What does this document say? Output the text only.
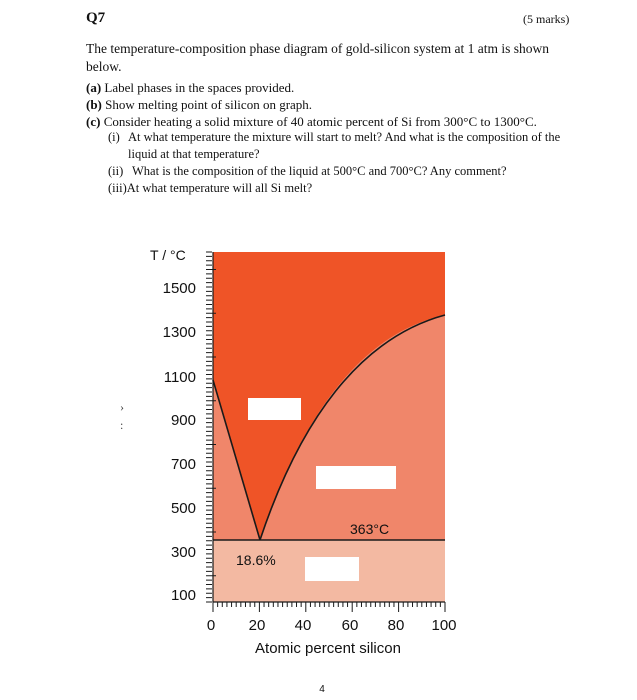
Q7	(5 marks)
The temperature-composition phase diagram of gold-silicon system at 1 atm is shown below.
(a) Label phases in the spaces provided.
(b) Show melting point of silicon on graph.
(c) Consider heating a solid mixture of 40 atomic percent of Si from 300°C to 1300°C.
(i) At what temperature the mixture will start to melt? And what is the composition of the liquid at that temperature?
(ii) What is the composition of the liquid at 500°C and 700°C? Any comment?
(iii)At what temperature will all Si melt?
›
:
T / °C
1500
1300
1100
900
700
500
300
100
363°C
18.6%
0	20	40	60	80	100
Atomic percent silicon
4
